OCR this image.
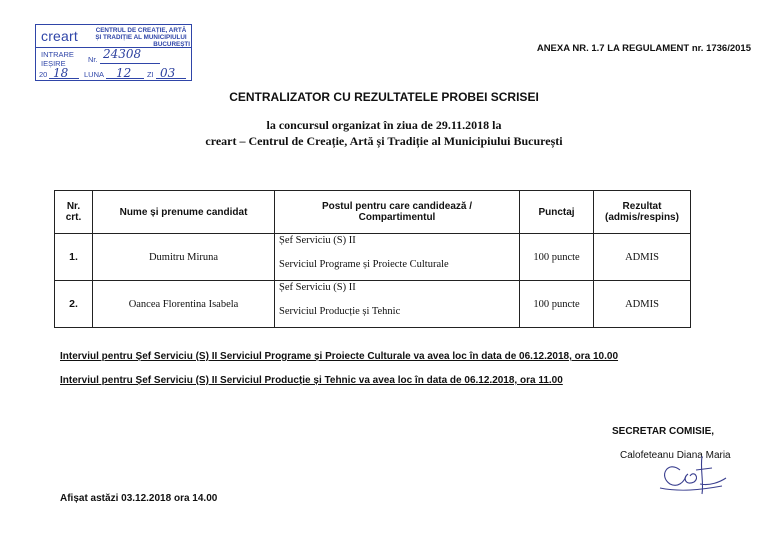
creart	CENTRUL DE CREAȚIE, ARTĂ
ȘI TRADIȚIE AL MUNICIPIULUI
BUCUREȘTI
INTRARE
IEȘIRE	Nr. 24308
20 18 LUNA 12 ZI 03
ANEXA NR. 1.7 LA REGULAMENT nr. 1736/2015
CENTRALIZATOR CU REZULTATELE PROBEI SCRISEI
la concursul organizat în ziua de 29.11.2018 la
creart – Centrul de Creație, Artă și Tradiție al Municipiului București
Nr. crt.	Nume și prenume candidat	Postul pentru care candidează / Compartimentul	Punctaj	Rezultat (admis/respins)

1.	Dumitru Miruna	Șef Serviciu (S) II
Serviciul Programe și Proiecte Culturale	100 puncte	ADMIS
2.	Oancea Florentina Isabela	Șef Serviciu (S) II
Serviciul Producție și Tehnic	100 puncte	ADMIS
Interviul pentru Șef Serviciu (S) II Serviciul Programe și Proiecte Culturale va avea loc în data de 06.12.2018, ora 10.00
Interviul pentru Șef Serviciu (S) II Serviciul Producție și Tehnic va avea loc în data de 06.12.2018, ora 11.00
SECRETAR COMISIE,
Calofeteanu Diana Maria
Afișat astăzi 03.12.2018 ora 14.00
